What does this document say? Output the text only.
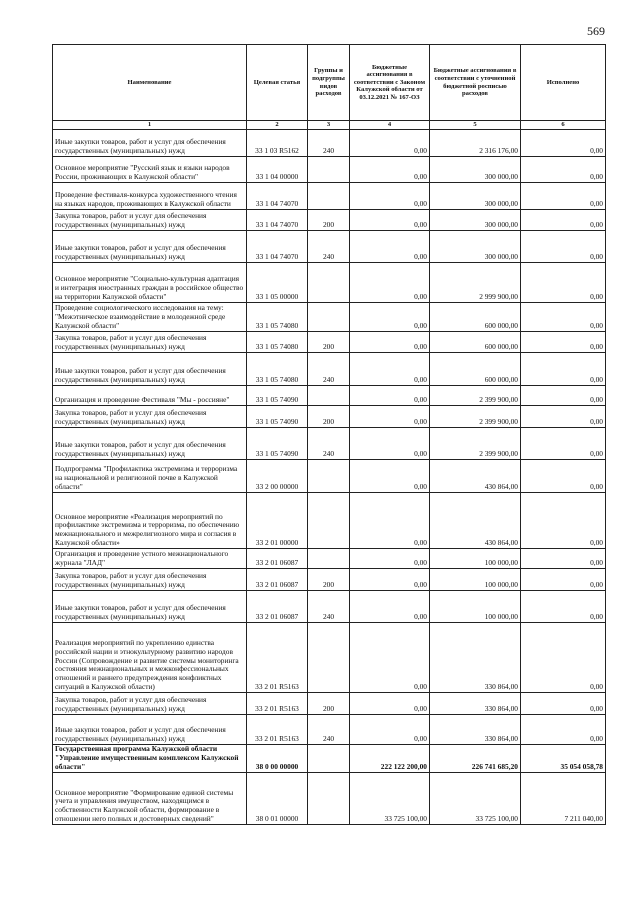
569
Наименование	Целевая статья	Группы и подгруппы видов расходов	Бюджетные ассигнования в соответствии с Законом Калужской области от 03.12.2021 № 167-ОЗ	Бюджетные ассигнования в соответствии с уточненной бюджетной росписью расходов	Исполнено
1	2	3	4	5	6
Иные закупки товаров, работ и услуг для обеспечения государственных (муниципальных) нужд	33 1 03 R5162	240	0,00	2 316 176,00	0,00
Основное мероприятие "Русский язык и языки народов России, проживающих в Калужской области"	33 1 04 00000		0,00	300 000,00	0,00
Проведение фестиваля-конкурса художественного чтения на языках народов, проживающих в Калужской области	33 1 04 74070		0,00	300 000,00	0,00
Закупка товаров, работ и услуг для обеспечения государственных (муниципальных) нужд	33 1 04 74070	200	0,00	300 000,00	0,00
Иные закупки товаров, работ и услуг для обеспечения государственных (муниципальных) нужд	33 1 04 74070	240	0,00	300 000,00	0,00
Основное мероприятие "Социально-культурная адаптация и интеграция иностранных граждан в российское общество на территории Калужской области"	33 1 05 00000		0,00	2 999 900,00	0,00
Проведение социологического исследования на тему: "Межэтническое взаимодействие в молодежной среде Калужской области"	33 1 05 74080		0,00	600 000,00	0,00
Закупка товаров, работ и услуг для обеспечения государственных (муниципальных) нужд	33 1 05 74080	200	0,00	600 000,00	0,00
Иные закупки товаров, работ и услуг для обеспечения государственных (муниципальных) нужд	33 1 05 74080	240	0,00	600 000,00	0,00
Организация и проведение Фестиваля "Мы - россияне"	33 1 05 74090		0,00	2 399 900,00	0,00
Закупка товаров, работ и услуг для обеспечения государственных (муниципальных) нужд	33 1 05 74090	200	0,00	2 399 900,00	0,00
Иные закупки товаров, работ и услуг для обеспечения государственных (муниципальных) нужд	33 1 05 74090	240	0,00	2 399 900,00	0,00
Подпрограмма "Профилактика экстремизма и терроризма на национальной и религиозной почве в Калужской области"	33 2 00 00000		0,00	430 864,00	0,00
Основное мероприятие «Реализация мероприятий по профилактике экстремизма и терроризма, по обеспечению межнационального и межрелигиозного мира и согласия в Калужской области»	33 2 01 00000		0,00	430 864,00	0,00
Организация и проведение устного межнационального журнала "ЛАД"	33 2 01 06087		0,00	100 000,00	0,00
Закупка товаров, работ и услуг для обеспечения государственных (муниципальных) нужд	33 2 01 06087	200	0,00	100 000,00	0,00
Иные закупки товаров, работ и услуг для обеспечения государственных (муниципальных) нужд	33 2 01 06087	240	0,00	100 000,00	0,00
Реализация мероприятий по укреплению единства российской нации и этнокультурному развитию народов России (Сопровождение и развитие системы мониторинга состояния межнациональных и межконфессиональных отношений и раннего предупреждения конфликтных ситуаций в Калужской области)	33 2 01 R5163		0,00	330 864,00	0,00
Закупка товаров, работ и услуг для обеспечения государственных (муниципальных) нужд	33 2 01 R5163	200	0,00	330 864,00	0,00
Иные закупки товаров, работ и услуг для обеспечения государственных (муниципальных) нужд	33 2 01 R5163	240	0,00	330 864,00	0,00
Государственная программа Калужской области "Управление имущественным комплексом Калужской области"	38 0 00 00000		222 122 200,00	226 741 685,20	35 054 058,78
Основное мероприятие "Формирование единой системы учета и управления имуществом, находящимся в собственности Калужской области, формирование в отношении него полных и достоверных сведений"	38 0 01 00000		33 725 100,00	33 725 100,00	7 211 040,00
